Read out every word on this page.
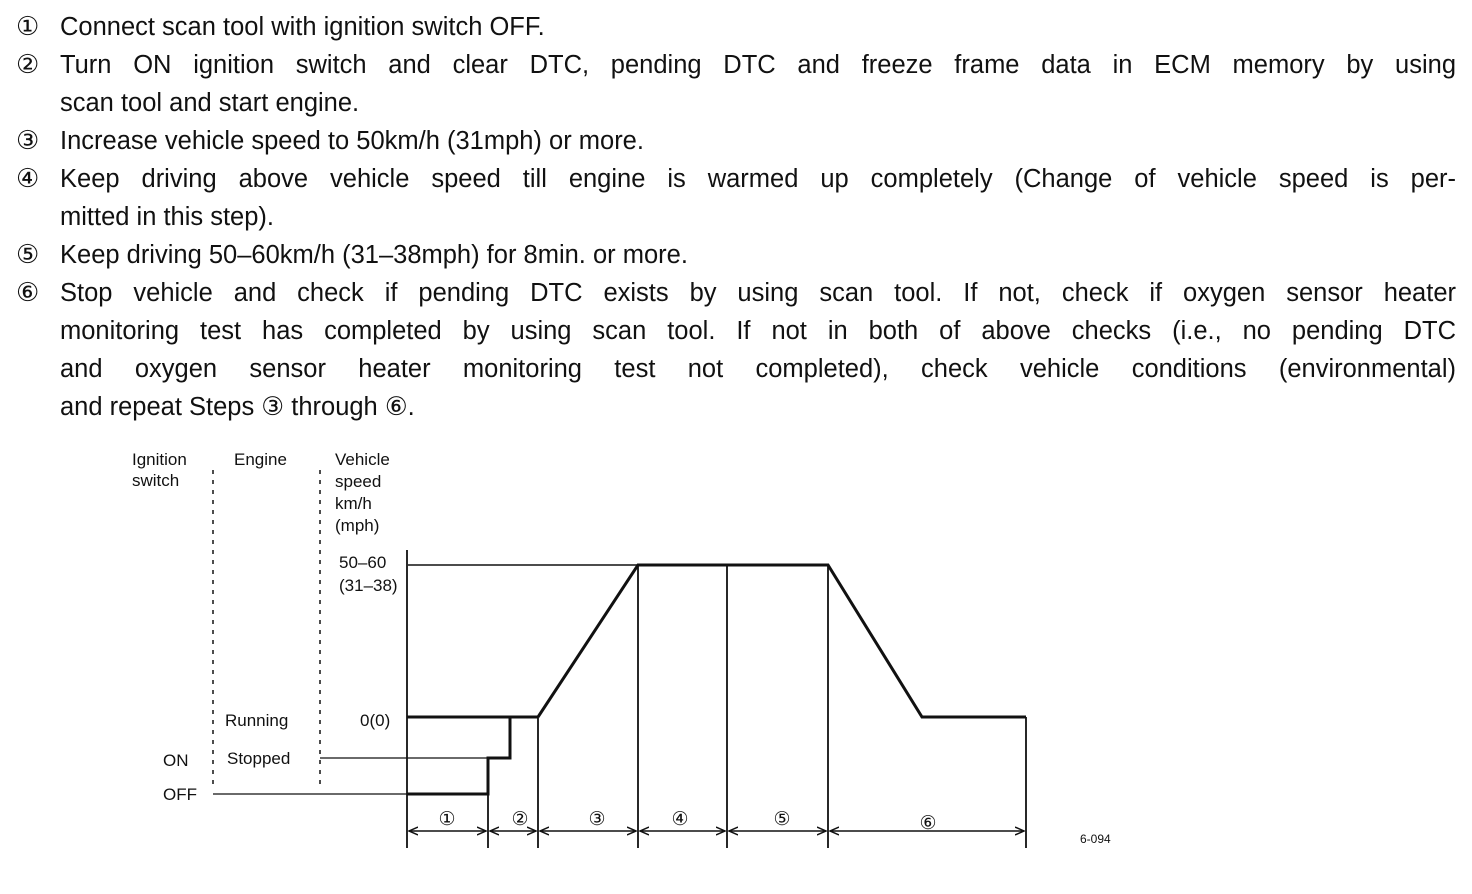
① Connect scan tool with ignition switch OFF.
② Turn ON ignition switch and clear DTC, pending DTC and freeze frame data in ECM memory by using
scan tool and start engine.
③ Increase vehicle speed to 50km/h (31mph) or more.
④ Keep driving above vehicle speed till engine is warmed up completely (Change of vehicle speed is per-
mitted in this step).
⑤ Keep driving 50–60km/h (31–38mph) for 8min. or more.
⑥ Stop vehicle and check if pending DTC exists by using scan tool. If not, check if oxygen sensor heater
monitoring test has completed by using scan tool. If not in both of above checks (i.e., no pending DTC
and oxygen sensor heater monitoring test not completed), check vehicle conditions (environmental)
and repeat Steps ③ through ⑥.
Ignition
switch
Engine	Vehicle
speed
km/h
(mph)
50–60
(31–38)
0(0)
Running
Stopped
ON
OFF
①	②	③	④	⑤	⑥
6-094
